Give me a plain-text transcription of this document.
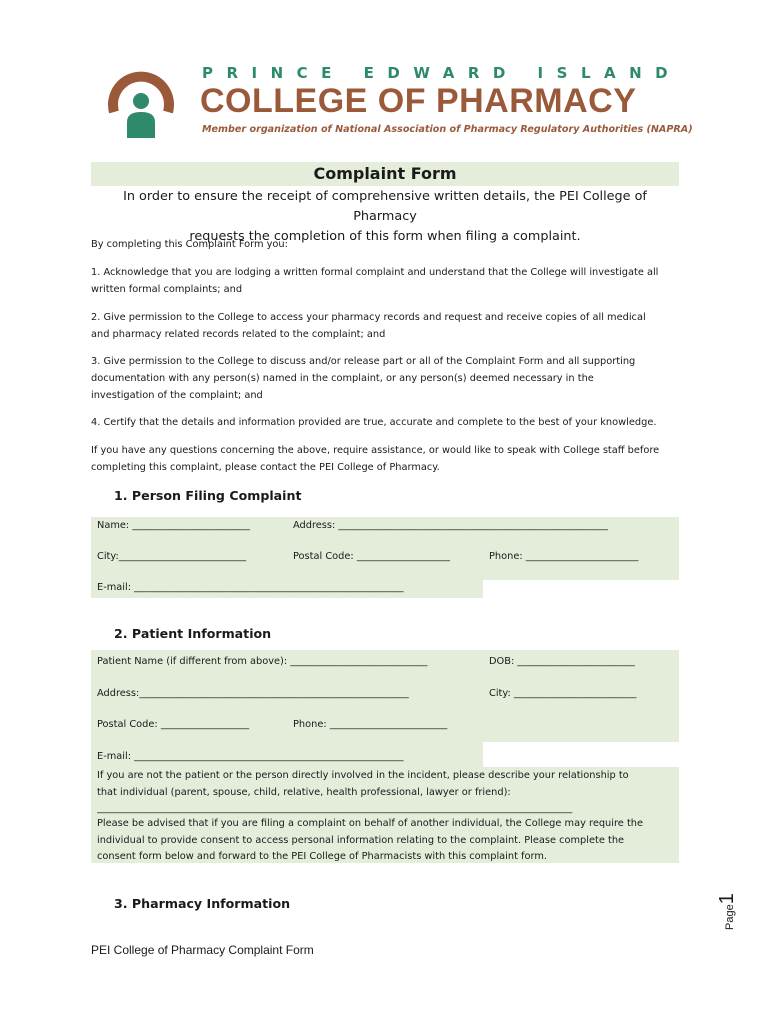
PRINCE EDWARD ISLAND
COLLEGE OF PHARMACY
Member organization of National Association of Pharmacy Regulatory Authorities (NAPRA)
Complaint Form
In order to ensure the receipt of comprehensive written details, the PEI College of Pharmacy
requests the completion of this form when filing a complaint.
By completing this Complaint Form you:
1. Acknowledge that you are lodging a written formal complaint and understand that the College will investigate all
written formal complaints; and
2. Give permission to the College to access your pharmacy records and request and receive copies of all medical
and pharmacy related records related to the complaint; and
3. Give permission to the College to discuss and/or release part or all of the Complaint Form and all supporting
documentation with any person(s) named in the complaint, or any person(s) deemed necessary in the
investigation of the complaint; and
4. Certify that the details and information provided are true, accurate and complete to the best of your knowledge.
If you have any questions concerning the above, require assistance, or would like to speak with College staff before
completing this complaint, please contact the PEI College of Pharmacy.
1. Person Filing Complaint
Name: ________________________	Address: _______________________________________________________
City:__________________________	Postal Code: ___________________	Phone: _______________________
E-mail: _______________________________________________________
2. Patient Information
Patient Name (if different from above): ____________________________	DOB: ________________________
Address:_______________________________________________________	City: _________________________
Postal Code: __________________	Phone: ________________________
E-mail: _______________________________________________________
If you are not the patient or the person directly involved in the incident, please describe your relationship to
that individual (parent, spouse, child, relative, health professional, lawyer or friend):
_________________________________________________________________________________________________
Please be advised that if you are filing a complaint on behalf of another individual, the College may require the
individual to provide consent to access personal information relating to the complaint. Please complete the
consent form below and forward to the PEI College of Pharmacists with this complaint form.
3. Pharmacy Information
PEI College of Pharmacy Complaint Form
Page1
